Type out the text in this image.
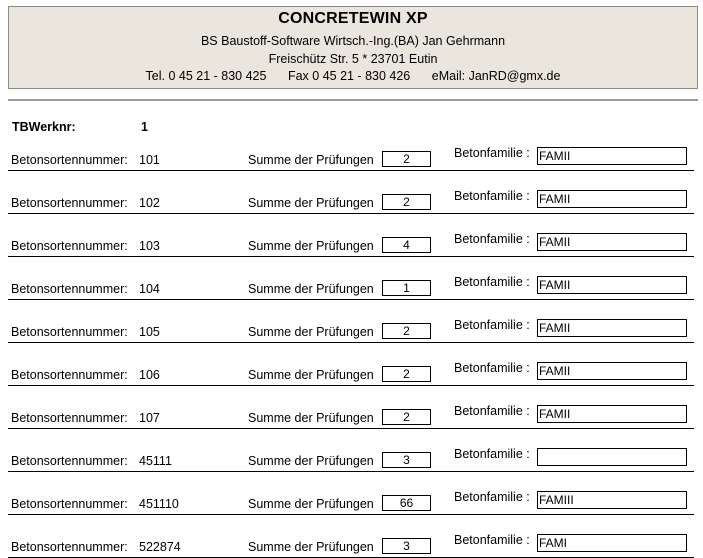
CONCRETEWIN XP
BS Baustoff-Software Wirtsch.-Ing.(BA) Jan Gehrmann
Freischütz Str. 5 * 23701 Eutin
Tel. 0 45 21 - 830 425 Fax 0 45 21 - 830 426 eMail: JanRD@gmx.de
TBWerknr:	1
Betonsortennummer: 101	Summe der Prüfungen	2	Betonfamilie : FAMII
Betonsortennummer: 102	Summe der Prüfungen	2	Betonfamilie : FAMII
Betonsortennummer: 103	Summe der Prüfungen	4	Betonfamilie : FAMII
Betonsortennummer: 104	Summe der Prüfungen	1	Betonfamilie : FAMII
Betonsortennummer: 105	Summe der Prüfungen	2	Betonfamilie : FAMII
Betonsortennummer: 106	Summe der Prüfungen	2	Betonfamilie : FAMII
Betonsortennummer: 107	Summe der Prüfungen	2	Betonfamilie : FAMII
Betonsortennummer: 45111	Summe der Prüfungen	3	Betonfamilie :
Betonsortennummer: 451110	Summe der Prüfungen	66	Betonfamilie : FAMIII
Betonsortennummer: 522874	Summe der Prüfungen	3	Betonfamilie : FAMI
